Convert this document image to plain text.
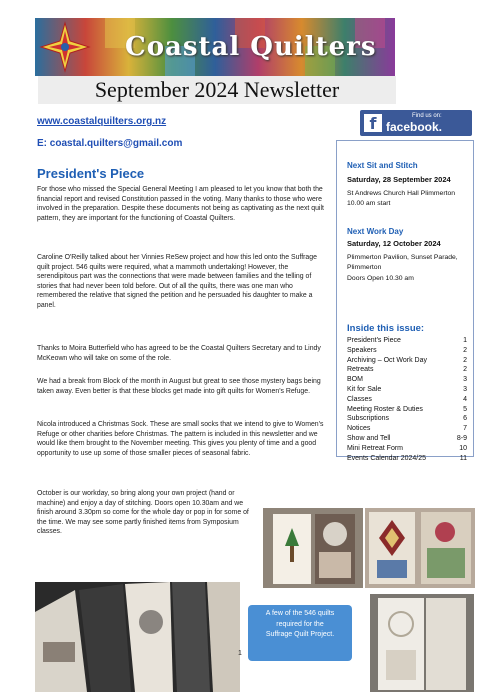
Coastal Quilters
September 2024 Newsletter
www.coastalquilters.org.nz
E: coastal.quilters@gmail.com
f	Find us on:
facebook.
Next Sit and Stitch
Saturday, 28 September 2024
St Andrews Church Hall Plimmerton
10.00 am start
Next Work Day
Saturday, 12 October 2024
Plimmerton Pavilion, Sunset Parade, Plimmerton
Doors Open 10.30 am
Inside this issue:
President's Piece	1
Speakers	2
Archiving – Oct Work Day	2
Retreats	2
BOM	3
Kit for Sale	3
Classes	4
Meeting Roster & Duties	5
Subscriptions	6
Notices	7
Show and Tell	8-9
Mini Retreat Form	10
Events Calendar 2024/25	11
President's Piece
For those who missed the Special General Meeting I am pleased to let you know that both the financial report and revised Constitution passed in the voting. Many thanks to those who were involved in the preparation. Despite these documents not being as captivating as the next quilt pattern, they are important for the functioning of Coastal Quilters.
Caroline O'Reilly talked about her Vinnies ReSew project and how this led onto the Suffrage quilt project. 546 quilts were required, what a mammoth undertaking! However, the serendipitous part was the connections that were made between families and the telling of stories that had never been told before. Out of all the quilts, there was one man who remembered the relative that signed the petition and he persuaded his daughter to make a panel.
Thanks to Moira Butterfield who has agreed to be the Coastal Quilters Secretary and to Lindy McKeown who will take on some of the role.
We had a break from Block of the month in August but great to see those mystery bags being taken away. Even better is that these blocks get made into gift quilts for Women's Refuge.
Nicola introduced a Christmas Sock. These are small socks that we intend to give to Women's Refuge or other charities before Christmas. The pattern is included in this newsletter and we would like them brought to the November meeting. This gives you plenty of time and a good opportunity to use up some of those smaller pieces of seasonal fabric.
October is our workday, so bring along your own project (hand or machine) and enjoy a day of stitching. Doors open 10.30am and we finish around 3.30pm so come for the whole day or pop in for some of the time. We may see some partly finished items from Symposium classes.
A few of the 546 quilts
required for the
Suffrage Quilt Project.
1
